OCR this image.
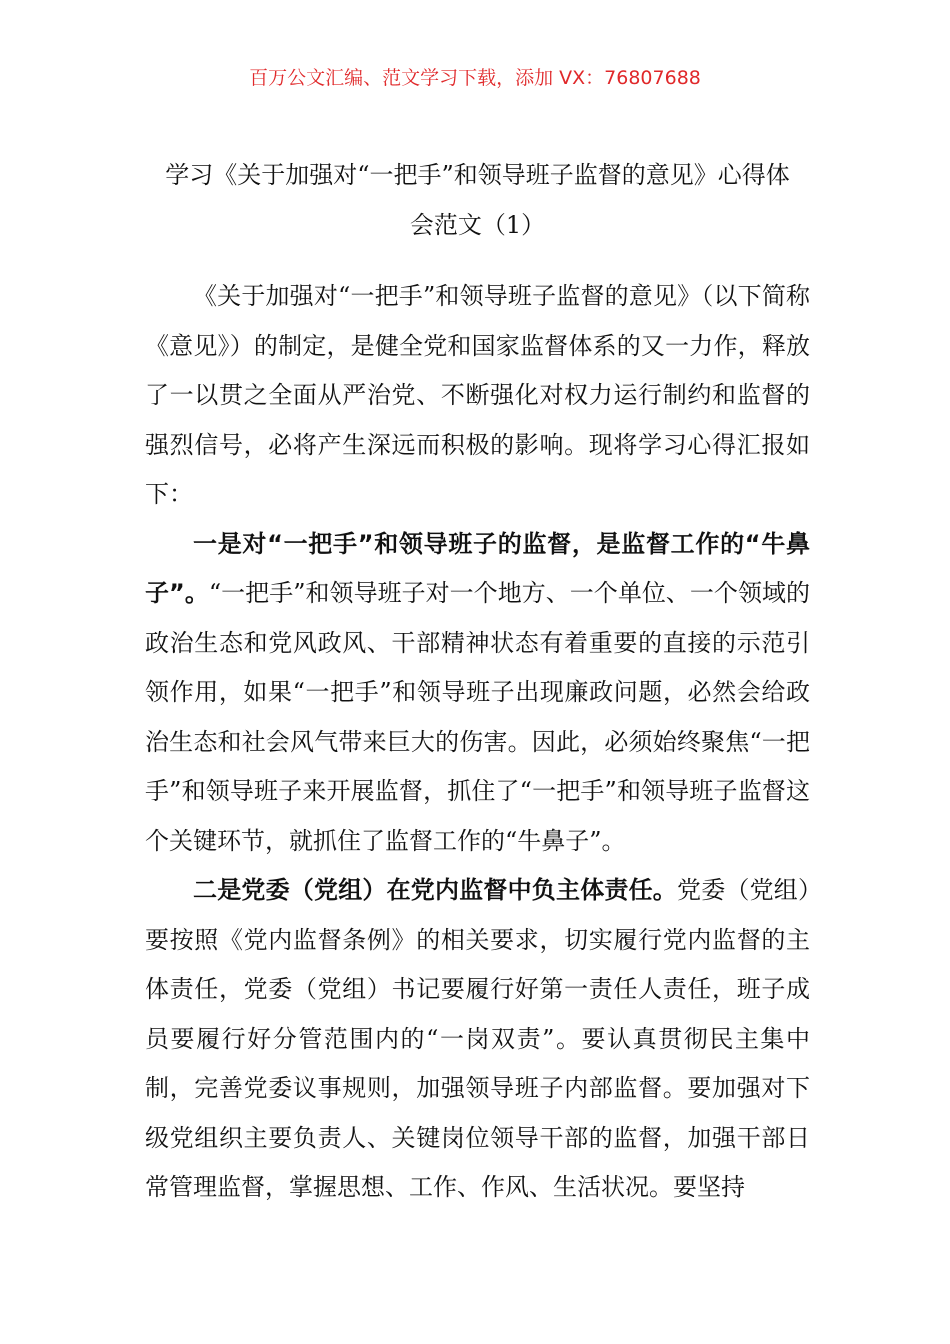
百万公文汇编、范文学习下载，添加 VX：76807688
学习《关于加强对“一把手”和领导班子监督的意见》心得体
会范文（1）

《关于加强对“一把手”和领导班子监督的意见》（以下简称《意见》）的制定，是健全党和国家监督体系的又一力作，释放了一以贯之全面从严治党、不断强化对权力运行制约和监督的强烈信号，必将产生深远而积极的影响。现将学习心得汇报如下：

一是对“一把手”和领导班子的监督，是监督工作的“牛鼻子”。“一把手”和领导班子对一个地方、一个单位、一个领域的政治生态和党风政风、干部精神状态有着重要的直接的示范引领作用，如果“一把手”和领导班子出现廉政问题，必然会给政治生态和社会风气带来巨大的伤害。因此，必须始终聚焦“一把手”和领导班子来开展监督，抓住了“一把手”和领导班子监督这个关键环节，就抓住了监督工作的“牛鼻子”。

二是党委（党组）在党内监督中负主体责任。党委（党组）要按照《党内监督条例》的相关要求，切实履行党内监督的主体责任，党委（党组）书记要履行好第一责任人责任，班子成员要履行好分管范围内的“一岗双责”。要认真贯彻民主集中制，完善党委议事规则，加强领导班子内部监督。要加强对下级党组织主要负责人、关键岗位领导干部的监督，加强干部日常管理监督，掌握思想、工作、作风、生活状况。要坚持
